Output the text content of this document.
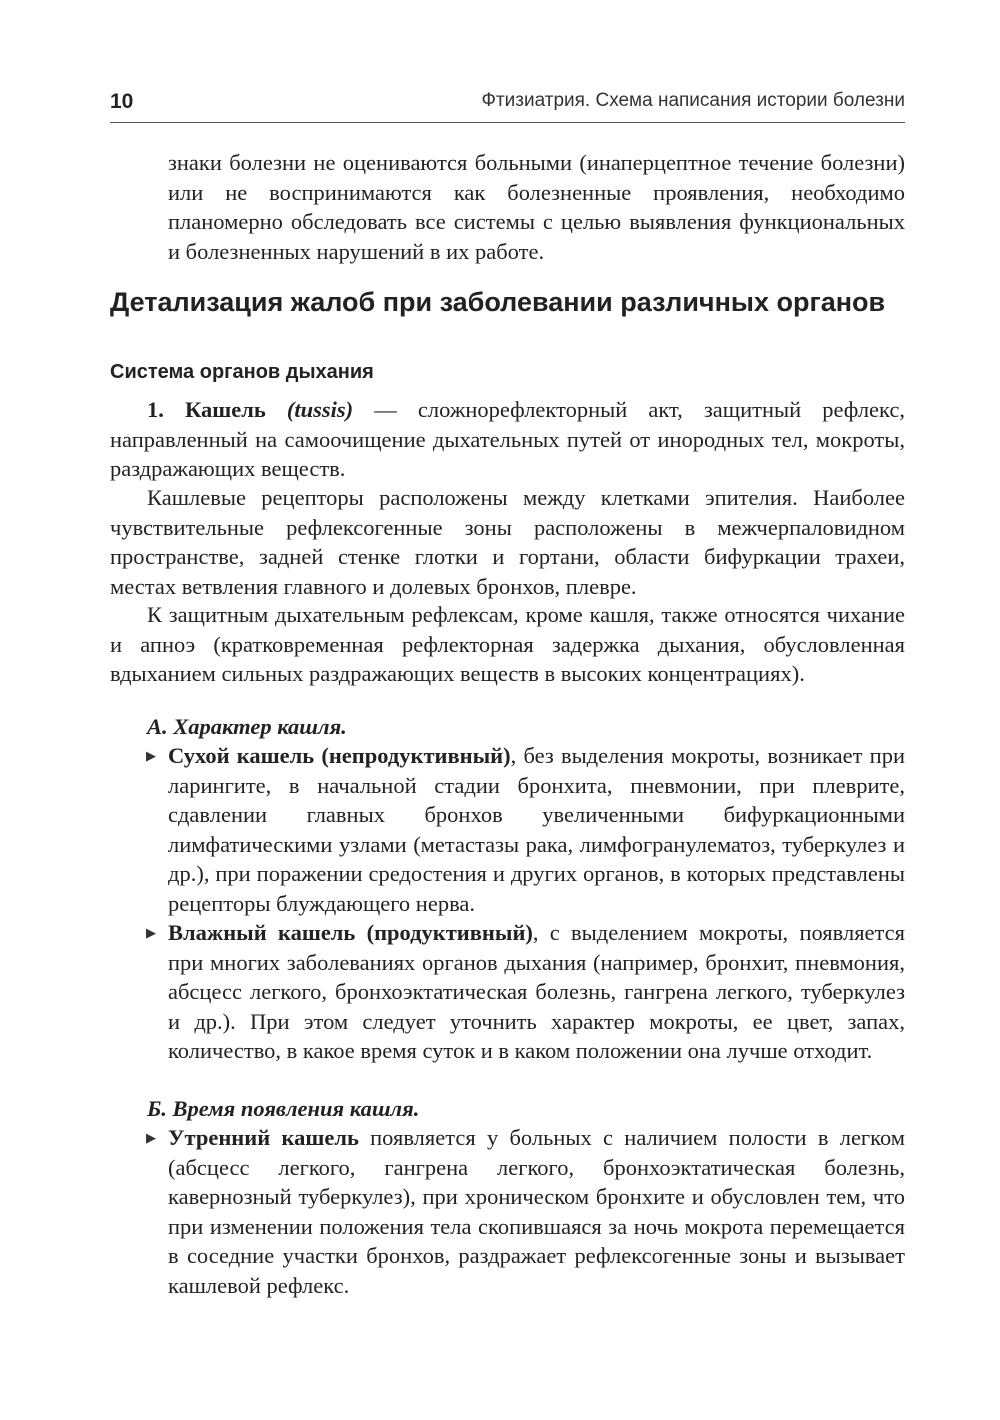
10	Фтизиатрия. Схема написания истории болезни

знаки болезни не оцениваются больными (инаперцептное течение болезни) или не воспринимаются как болезненные проявления, необходимо планомерно обследовать все системы с целью выявления функциональных и болезненных нарушений в их работе.

Детализация жалоб при заболевании различных органов
Система органов дыхания

1. Кашель (tussis) — сложнорефлекторный акт, защитный рефлекс, направленный на самоочищение дыхательных путей от инородных тел, мокроты, раздражающих веществ.

Кашлевые рецепторы расположены между клетками эпителия. Наиболее чувствительные рефлексогенные зоны расположены в межчерпаловидном пространстве, задней стенке глотки и гортани, области бифуркации трахеи, местах ветвления главного и долевых бронхов, плевре.

К защитным дыхательным рефлексам, кроме кашля, также относятся чихание и апноэ (кратковременная рефлекторная задержка дыхания, обусловленная вдыханием сильных раздражающих веществ в высоких концентрациях).

А. Характер кашля.

▶ Сухой кашель (непродуктивный), без выделения мокроты, возникает при ларингите, в начальной стадии бронхита, пневмонии, при плеврите, сдавлении главных бронхов увеличенными бифуркационными лимфатическими узлами (метастазы рака, лимфогранулематоз, туберкулез и др.), при поражении средостения и других органов, в которых представлены рецепторы блуждающего нерва.
▶ Влажный кашель (продуктивный), с выделением мокроты, появляется при многих заболеваниях органов дыхания (например, бронхит, пневмония, абсцесс легкого, бронхоэктатическая болезнь, гангрена легкого, туберкулез и др.). При этом следует уточнить характер мокроты, ее цвет, запах, количество, в какое время суток и в каком положении она лучше отходит.

Б. Время появления кашля.

▶ Утренний кашель появляется у больных с наличием полости в легком (абсцесс легкого, гангрена легкого, бронхоэктатическая болезнь, кавернозный туберкулез), при хроническом бронхите и обусловлен тем, что при изменении положения тела скопившаяся за ночь мокрота перемещается в соседние участки бронхов, раздражает рефлексогенные зоны и вызывает кашлевой рефлекс.
